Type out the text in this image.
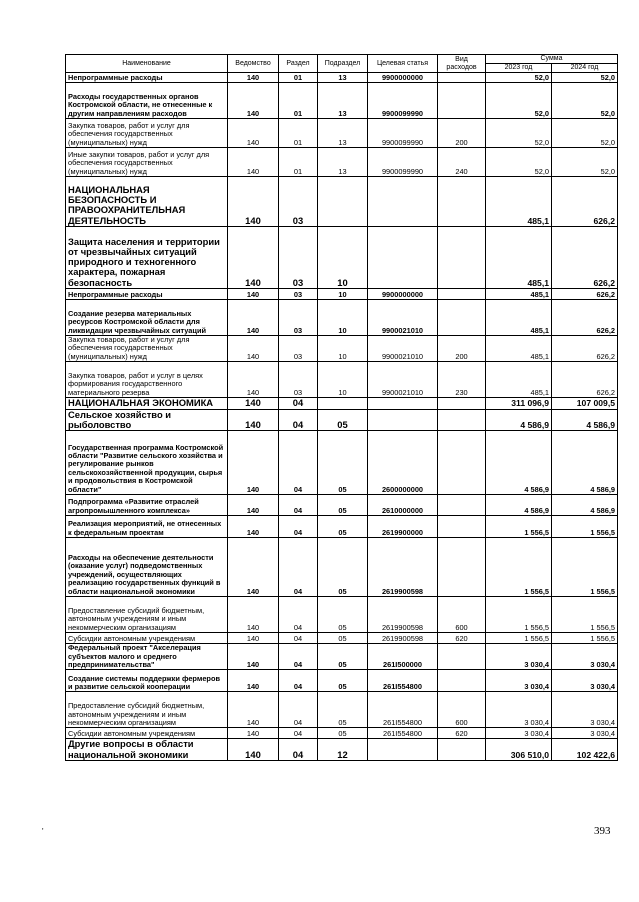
Наименование	Ведомство	Раздел	Подраздел	Целевая статья	Вид расходов	Сумма	
						2023 год	2024 год
Непрограммные расходы	140	01	13	9900000000		52,0	52,0
Расходы государственных органов Костромской области, не отнесенные к другим направлениям расходов	140	01	13	9900099990		52,0	52,0
Закупка товаров, работ и услуг для обеспечения государственных (муниципальных) нужд	140	01	13	9900099990	200	52,0	52,0
Иные закупки товаров, работ и услуг для обеспечения государственных (муниципальных) нужд	140	01	13	9900099990	240	52,0	52,0
НАЦИОНАЛЬНАЯ БЕЗОПАСНОСТЬ И ПРАВООХРАНИТЕЛЬНАЯ ДЕЯТЕЛЬНОСТЬ	140	03				485,1	626,2
Защита населения и территории от чрезвычайных ситуаций природного и техногенного характера, пожарная безопасность	140	03	10			485,1	626,2
Непрограммные расходы	140	03	10	9900000000		485,1	626,2
Создание резерва материальных ресурсов Костромской области для ликвидации чрезвычайных ситуаций	140	03	10	9900021010		485,1	626,2
Закупка товаров, работ и услуг для обеспечения государственных (муниципальных) нужд	140	03	10	9900021010	200	485,1	626,2
Закупка товаров, работ и услуг в целях формирования государственного материального резерва	140	03	10	9900021010	230	485,1	626,2
НАЦИОНАЛЬНАЯ ЭКОНОМИКА	140	04				311 096,9	107 009,5
Сельское хозяйство и рыболовство	140	04	05			4 586,9	4 586,9
Государственная программа Костромской области "Развитие сельского хозяйства и регулирование рынков сельскохозяйственной продукции, сырья и продовольствия в Костромской области"	140	04	05	2600000000		4 586,9	4 586,9
Подпрограмма «Развитие отраслей агропромышленного комплекса»	140	04	05	2610000000		4 586,9	4 586,9
Реализация мероприятий, не отнесенных к федеральным проектам	140	04	05	2619900000		1 556,5	1 556,5
Расходы на обеспечение деятельности (оказание услуг) подведомственных учреждений, осуществляющих реализацию государственных функций в области национальной экономики	140	04	05	2619900598		1 556,5	1 556,5
Предоставление субсидий бюджетным, автономным учреждениям и иным некоммерческим организациям	140	04	05	2619900598	600	1 556,5	1 556,5
Субсидии автономным учреждениям	140	04	05	2619900598	620	1 556,5	1 556,5
Федеральный проект "Акселерация субъектов малого и среднего предпринимательства"	140	04	05	261I500000		3 030,4	3 030,4
Создание системы поддержки фермеров и развитие сельской кооперации	140	04	05	261I554800		3 030,4	3 030,4
Предоставление субсидий бюджетным, автономным учреждениям и иным некоммерческим организациям	140	04	05	261I554800	600	3 030,4	3 030,4
Субсидии автономным учреждениям	140	04	05	261I554800	620	3 030,4	3 030,4
Другие вопросы в области национальной экономики	140	04	12			306 510,0	102 422,6
393
'
